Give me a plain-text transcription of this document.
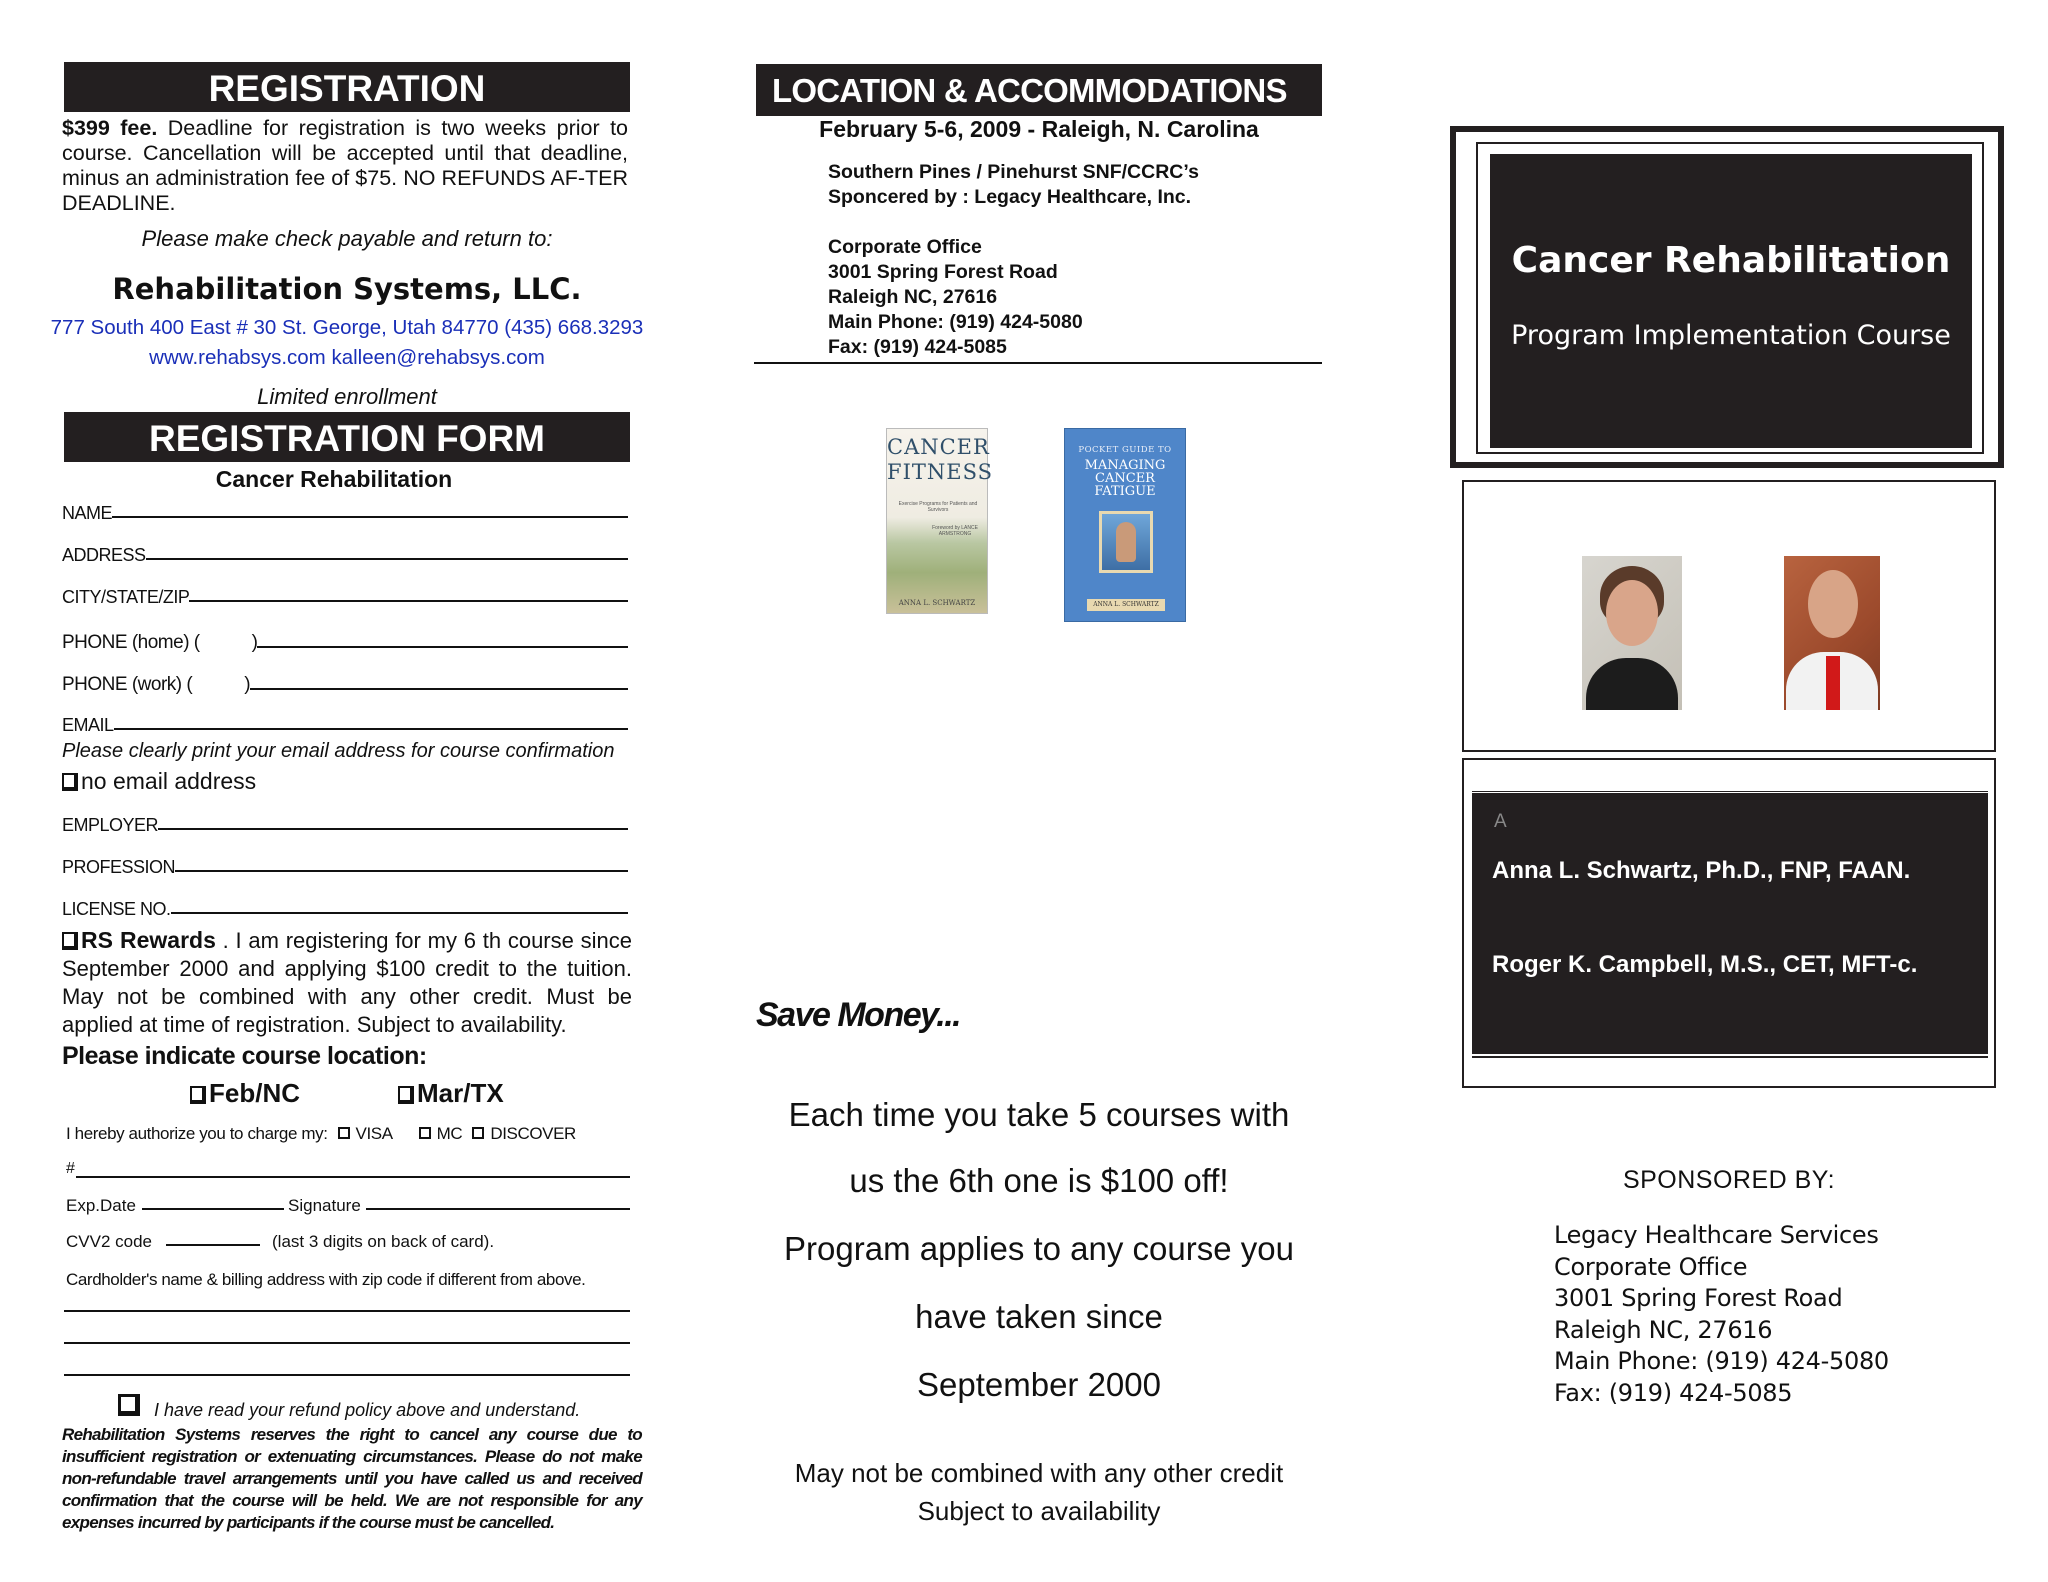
REGISTRATION
$399 fee. Deadline for registration is two weeks prior to course. Cancellation will be accepted until that deadline, minus an administration fee of $75. NO REFUNDS AF-TER DEADLINE.
Please make check payable and return to:
Rehabilitation Systems, LLC.
777 South 400 East # 30 St. George, Utah 84770 (435) 668.3293
www.rehabsys.com kalleen@rehabsys.com
Limited enrollment
REGISTRATION FORM
Cancer Rehabilitation
NAME
ADDRESS
CITY/STATE/ZIP
PHONE (home) (	)
PHONE (work) (	)
EMAIL
Please clearly print your email address for course confirmation
no email address
EMPLOYER
PROFESSION
LICENSE NO.
RS Rewards . I am registering for my 6 th course since September 2000 and applying $100 credit to the tuition. May not be combined with any other credit. Must be applied at time of registration. Subject to availability.
Please indicate course location:
Feb/NC	Mar/TX
I hereby authorize you to charge my: VISA	MC DISCOVER
#
Exp.Date	Signature
CVV2 code	(last 3 digits on back of card).
Cardholder's name & billing address with zip code if different from above.
I have read your refund policy above and understand.
Rehabilitation Systems reserves the right to cancel any course due to insufficient registration or extenuating circumstances. Please do not make non-refundable travel arrangements until you have called us and received confirmation that the course will be held. We are not responsible for any expenses incurred by participants if the course must be cancelled.
LOCATION & ACCOMMODATIONS
February 5-6, 2009 - Raleigh, N. Carolina
Southern Pines / Pinehurst SNF/CCRC’s
Sponcered by : Legacy Healthcare, Inc.
Corporate Office
3001 Spring Forest Road
Raleigh NC, 27616
Main Phone: (919) 424-5080
Fax: (919) 424-5085
CANCER
FITNESS
Exercise Programs for Patients and Survivors
Foreword by LANCE ARMSTRONG
ANNA L. SCHWARTZ
POCKET GUIDE TO
MANAGING
CANCER
FATIGUE
ANNA L. SCHWARTZ
Save Money...
Each time you take 5 courses with
us the 6th one is $100 off!
Program applies to any course you
have taken since
September 2000
May not be combined with any other credit
Subject to availability
Cancer Rehabilitation
Program Implementation Course
A
Anna L. Schwartz, Ph.D., FNP, FAAN.
Roger K. Campbell, M.S., CET, MFT-c.
SPONSORED BY:
Legacy Healthcare Services
Corporate Office
3001 Spring Forest Road
Raleigh NC, 27616
Main Phone: (919) 424-5080
Fax: (919) 424-5085
